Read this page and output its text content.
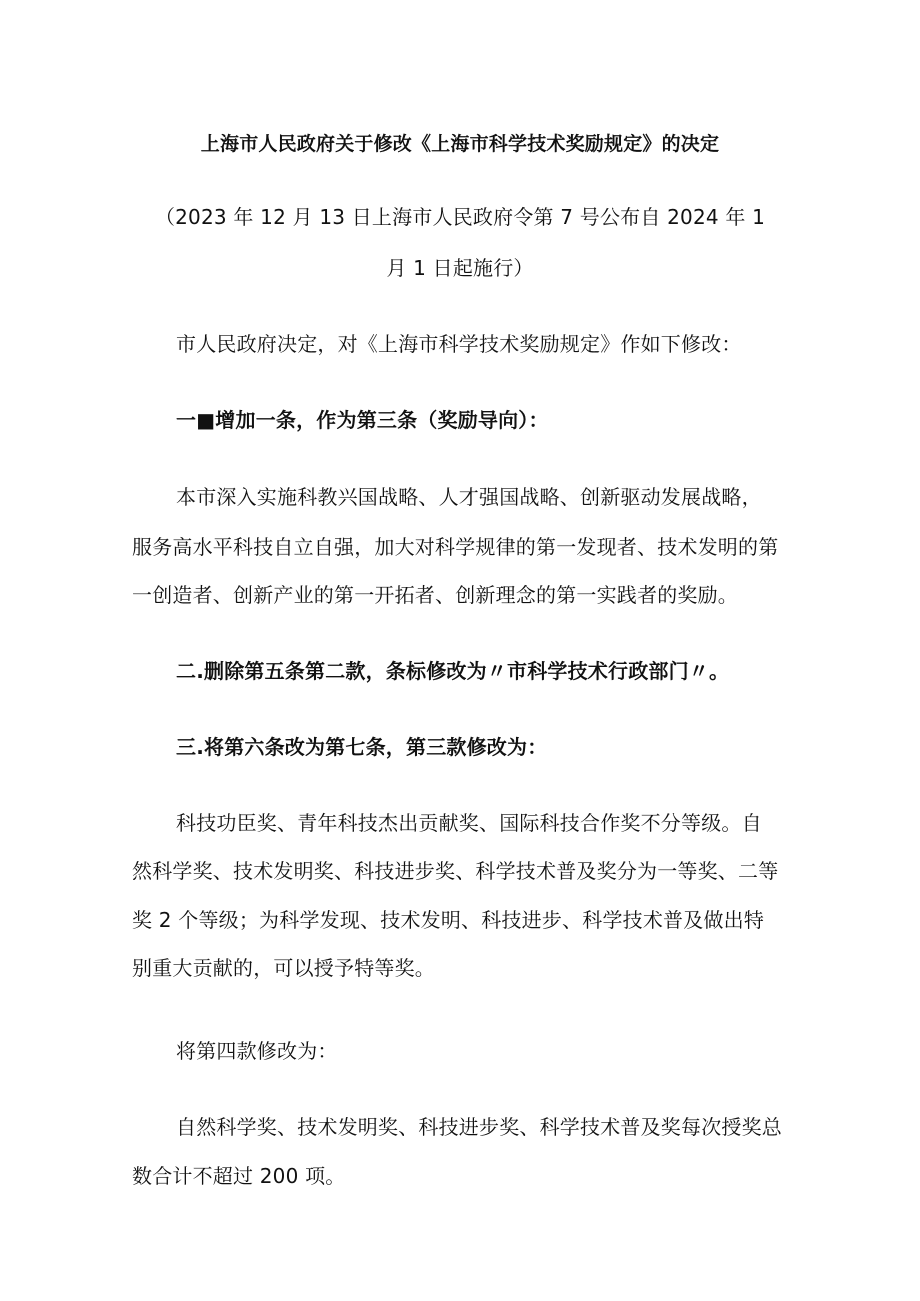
上海市人民政府关于修改《上海市科学技术奖励规定》的决定
（2023 年 12 月 13 日上海市人民政府令第 7 号公布自 2024 年 1
月 1 日起施行）
市人民政府决定，对《上海市科学技术奖励规定》作如下修改：
一■增加一条，作为第三条（奖励导向）：
本市深入实施科教兴国战略、人才强国战略、创新驱动发展战略，
服务高水平科技自立自强，加大对科学规律的第一发现者、技术发明的第
一创造者、创新产业的第一开拓者、创新理念的第一实践者的奖励。
二.删除第五条第二款，条标修改为〃市科学技术行政部门〃。
三.将第六条改为第七条，第三款修改为：
科技功臣奖、青年科技杰出贡献奖、国际科技合作奖不分等级。自
然科学奖、技术发明奖、科技进步奖、科学技术普及奖分为一等奖、二等
奖 2 个等级；为科学发现、技术发明、科技进步、科学技术普及做出特
别重大贡献的，可以授予特等奖。
将第四款修改为：
自然科学奖、技术发明奖、科技进步奖、科学技术普及奖每次授奖总
数合计不超过 200 项。
